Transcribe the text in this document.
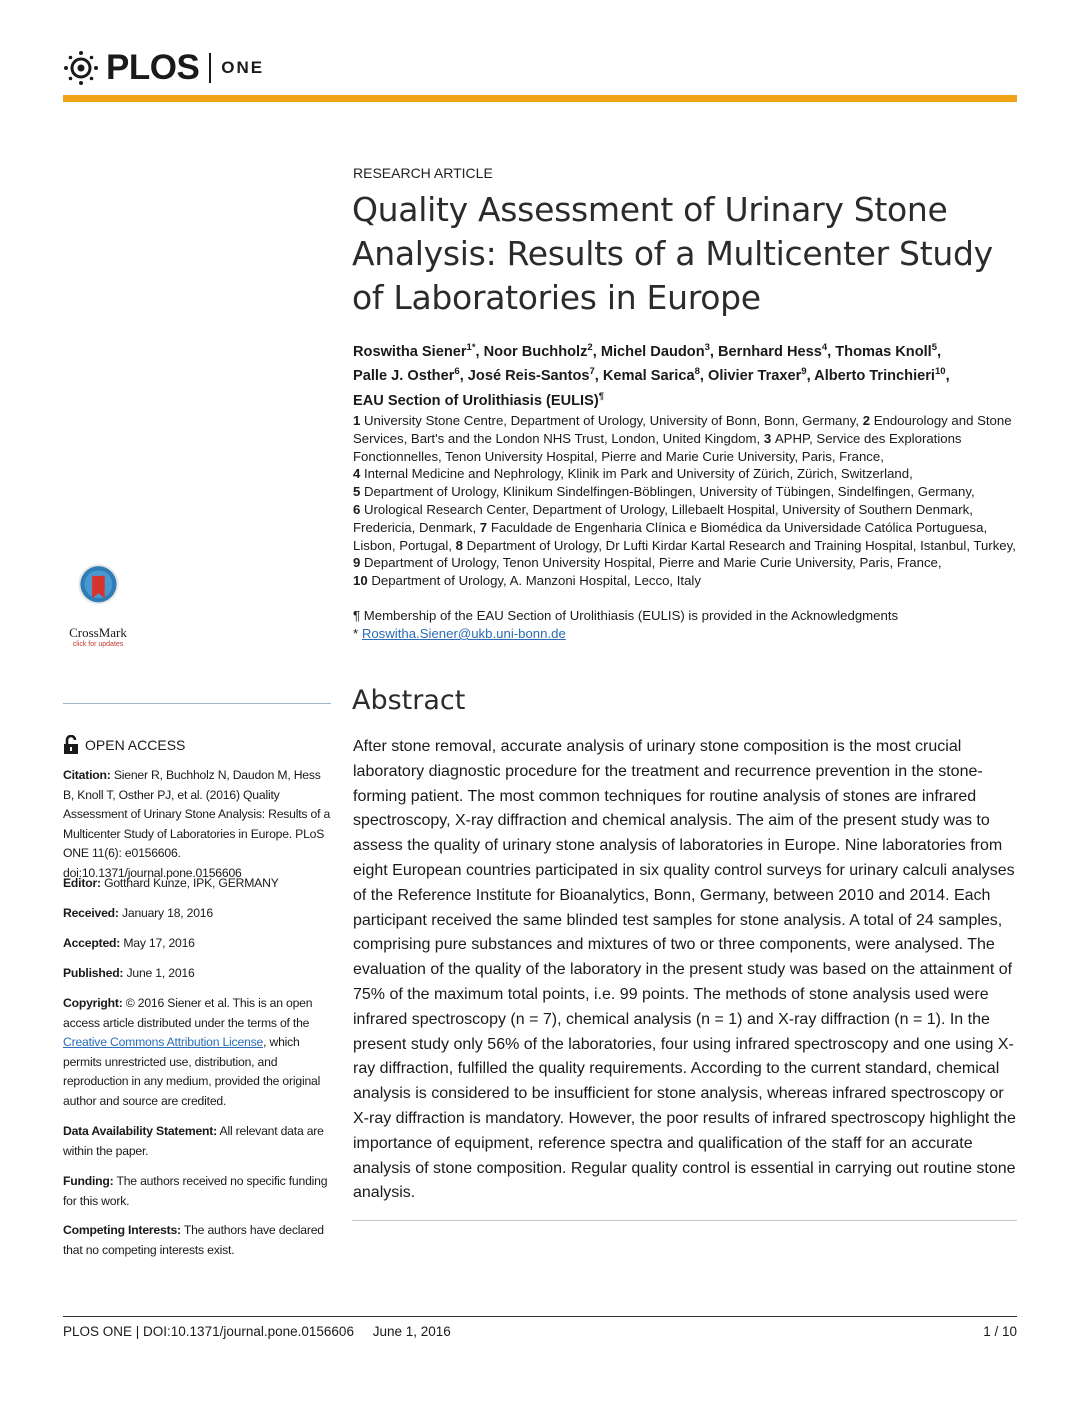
PLOS ONE
RESEARCH ARTICLE
Quality Assessment of Urinary Stone Analysis: Results of a Multicenter Study of Laboratories in Europe
Roswitha Siener$^{1*}$, Noor Buchholz$^2$, Michel Daudon$^3$, Bernhard Hess$^4$, Thomas Knoll$^5$,
Palle J. Osther$^6$, José Reis-Santos$^7$, Kemal Sarica$^8$, Olivier Traxer$^9$, Alberto Trinchieri$^{10}$,
EAU Section of Urolithiasis (EULIS)¶
1 University Stone Centre, Department of Urology, University of Bonn, Bonn, Germany, 2 Endourology and Stone Services, Bart's and the London NHS Trust, London, United Kingdom, 3 APHP, Service des Explorations Fonctionnelles, Tenon University Hospital, Pierre and Marie Curie University, Paris, France,
4 Internal Medicine and Nephrology, Klinik im Park and University of Zürich, Zürich, Switzerland,
5 Department of Urology, Klinikum Sindelfingen-Böblingen, University of Tübingen, Sindelfingen, Germany,
6 Urological Research Center, Department of Urology, Lillebaelt Hospital, University of Southern Denmark, Fredericia, Denmark, 7 Faculdade de Engenharia Clínica e Biomédica da Universidade Católica Portuguesa, Lisbon, Portugal, 8 Department of Urology, Dr Lufti Kirdar Kartal Research and Training Hospital, Istanbul, Turkey, 9 Department of Urology, Tenon University Hospital, Pierre and Marie Curie University, Paris, France, 10 Department of Urology, A. Manzoni Hospital, Lecco, Italy
¶ Membership of the EAU Section of Urolithiasis (EULIS) is provided in the Acknowledgments
* Roswitha.Siener@ukb.uni-bonn.de
Abstract
After stone removal, accurate analysis of urinary stone composition is the most crucial laboratory diagnostic procedure for the treatment and recurrence prevention in the stone-forming patient. The most common techniques for routine analysis of stones are infrared spectroscopy, X-ray diffraction and chemical analysis. The aim of the present study was to assess the quality of urinary stone analysis of laboratories in Europe. Nine laboratories from eight European countries participated in six quality control surveys for urinary calculi analyses of the Reference Institute for Bioanalytics, Bonn, Germany, between 2010 and 2014. Each participant received the same blinded test samples for stone analysis. A total of 24 samples, comprising pure substances and mixtures of two or three components, were analysed. The evaluation of the quality of the laboratory in the present study was based on the attainment of 75% of the maximum total points, i.e. 99 points. The methods of stone analysis used were infrared spectroscopy (n = 7), chemical analysis (n = 1) and X-ray diffraction (n = 1). In the present study only 56% of the laboratories, four using infrared spectroscopy and one using X-ray diffraction, fulfilled the quality requirements. According to the current standard, chemical analysis is considered to be insufficient for stone analysis, whereas infrared spectroscopy or X-ray diffraction is mandatory. However, the poor results of infrared spectroscopy highlight the importance of equipment, reference spectra and qualification of the staff for an accurate analysis of stone composition. Regular quality control is essential in carrying out routine stone analysis.
CrossMark
click for updates
OPEN ACCESS
Citation: Siener R, Buchholz N, Daudon M, Hess B, Knoll T, Osther PJ, et al. (2016) Quality Assessment of Urinary Stone Analysis: Results of a Multicenter Study of Laboratories in Europe. PLoS ONE 11(6): e0156606. doi:10.1371/journal.pone.0156606
Editor: Gotthard Kunze, IPK, GERMANY
Received: January 18, 2016
Accepted: May 17, 2016
Published: June 1, 2016
Copyright: © 2016 Siener et al. This is an open access article distributed under the terms of the Creative Commons Attribution License, which permits unrestricted use, distribution, and reproduction in any medium, provided the original author and source are credited.
Data Availability Statement: All relevant data are within the paper.
Funding: The authors received no specific funding for this work.
Competing Interests: The authors have declared that no competing interests exist.
PLOS ONE | DOI:10.1371/journal.pone.0156606     June 1, 2016	1 / 10
